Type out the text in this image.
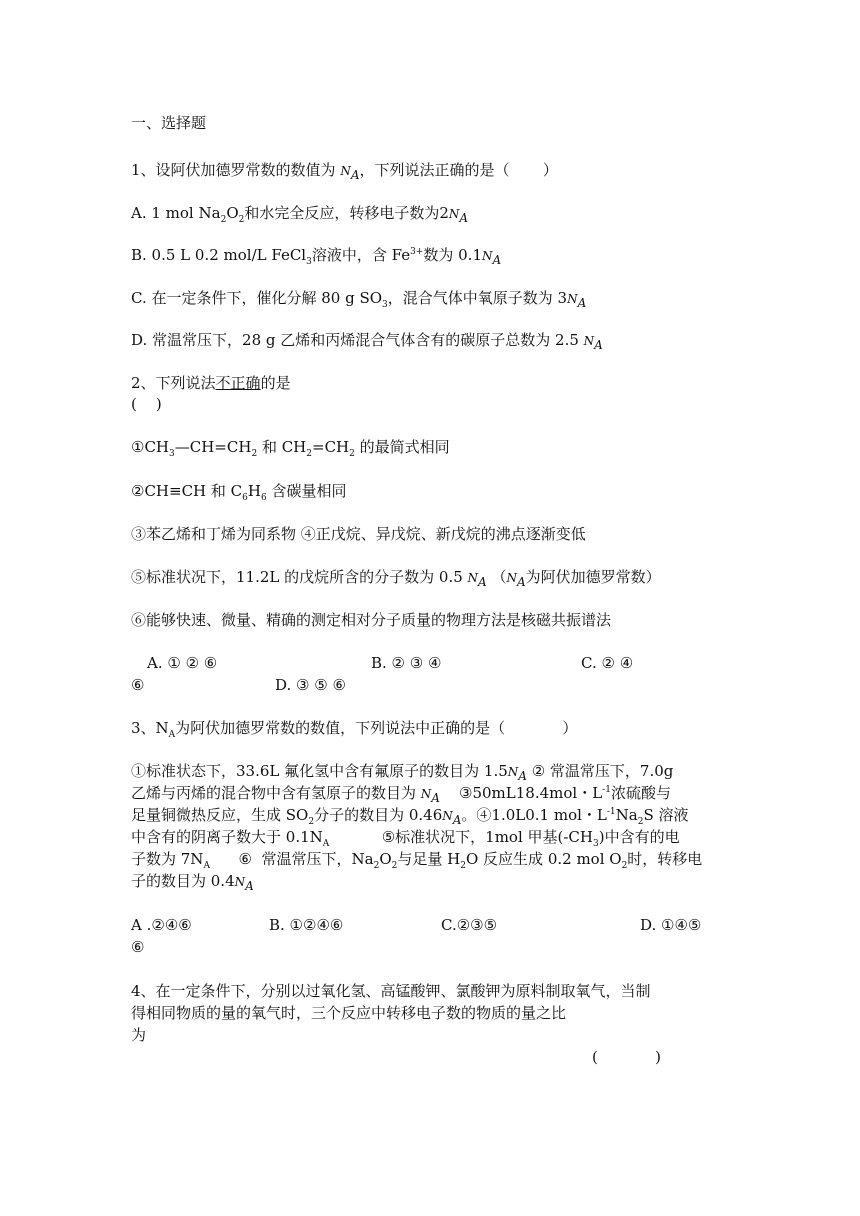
一、选择题
1、设阿伏加德罗常数的数值为 $N_A$，下列说法正确的是（       ）
A. 1 mol $Na_2O_2$和水完全反应，转移电子数为$2N_A$
B. 0.5 L 0.2 mol/L FeCl$_3$溶液中，含 $Fe^{3+}$数为 $0.1N_A$
C. 在一定条件下，催化分解 80 g $SO_3$，混合气体中氧原子数为 $3N_A$
D. 常温常压下，28 g 乙烯和丙烯混合气体含有的碳原子总数为 2.5 $N_A$
2、下列说法不正确的是
(    )
$①CH_3—CH=CH_2$ 和 $CH_2=CH_2$ 的最简式相同
②CH≡CH 和 $C_6H_6$ 含碳量相同
③苯乙烯和丁烯为同系物 ④正戊烷、异戊烷、新戊烷的沸点逐渐变低
⑤标准状况下，11.2L 的戊烷所含的分子数为 0.5 $N_A$ （$N_A$为阿伏加德罗常数）
⑥能够快速、微量、精确的测定相对分子质量的物理方法是核磁共振谱法
A. ① ② ⑥	B. ② ③ ④	C. ② ④
⑥	D. ③ ⑤ ⑥
3、$N_A$为阿伏加德罗常数的数值，下列说法中正确的是（            ）
①标准状态下，33.6L 氟化氢中含有氟原子的数目为 $1.5N_A$ ② 常温常压下，7.0g
乙烯与丙烯的混合物中含有氢原子的数目为 $N_A$    ③50mL18.4mol・$L^{-1}$浓硫酸与
足量铜微热反应，生成 $SO_2$分子的数目为 $0.46N_A$。④1.0L0.1 mol・$L^{-1}Na_2S$ 溶液
中含有的阴离子数大于 $0.1N_A$           ⑤标准状况下，1mol 甲基$(-CH_3)$中含有的电
子数为 $7N_A$      ⑥  常温常压下，$Na_2O_2$与足量 $H_2O$ 反应生成 0.2 mol $O_2$时，转移电
子的数目为 $0.4N_A$
A .②④⑥	B. ①②④⑥	C.②③⑤	D. ①④⑤
⑥
4、在一定条件下，分别以过氧化氢、高锰酸钾、氯酸钾为原料制取氧气，当制
得相同物质的量的氧气时，三个反应中转移电子数的物质的量之比
为
(            )
